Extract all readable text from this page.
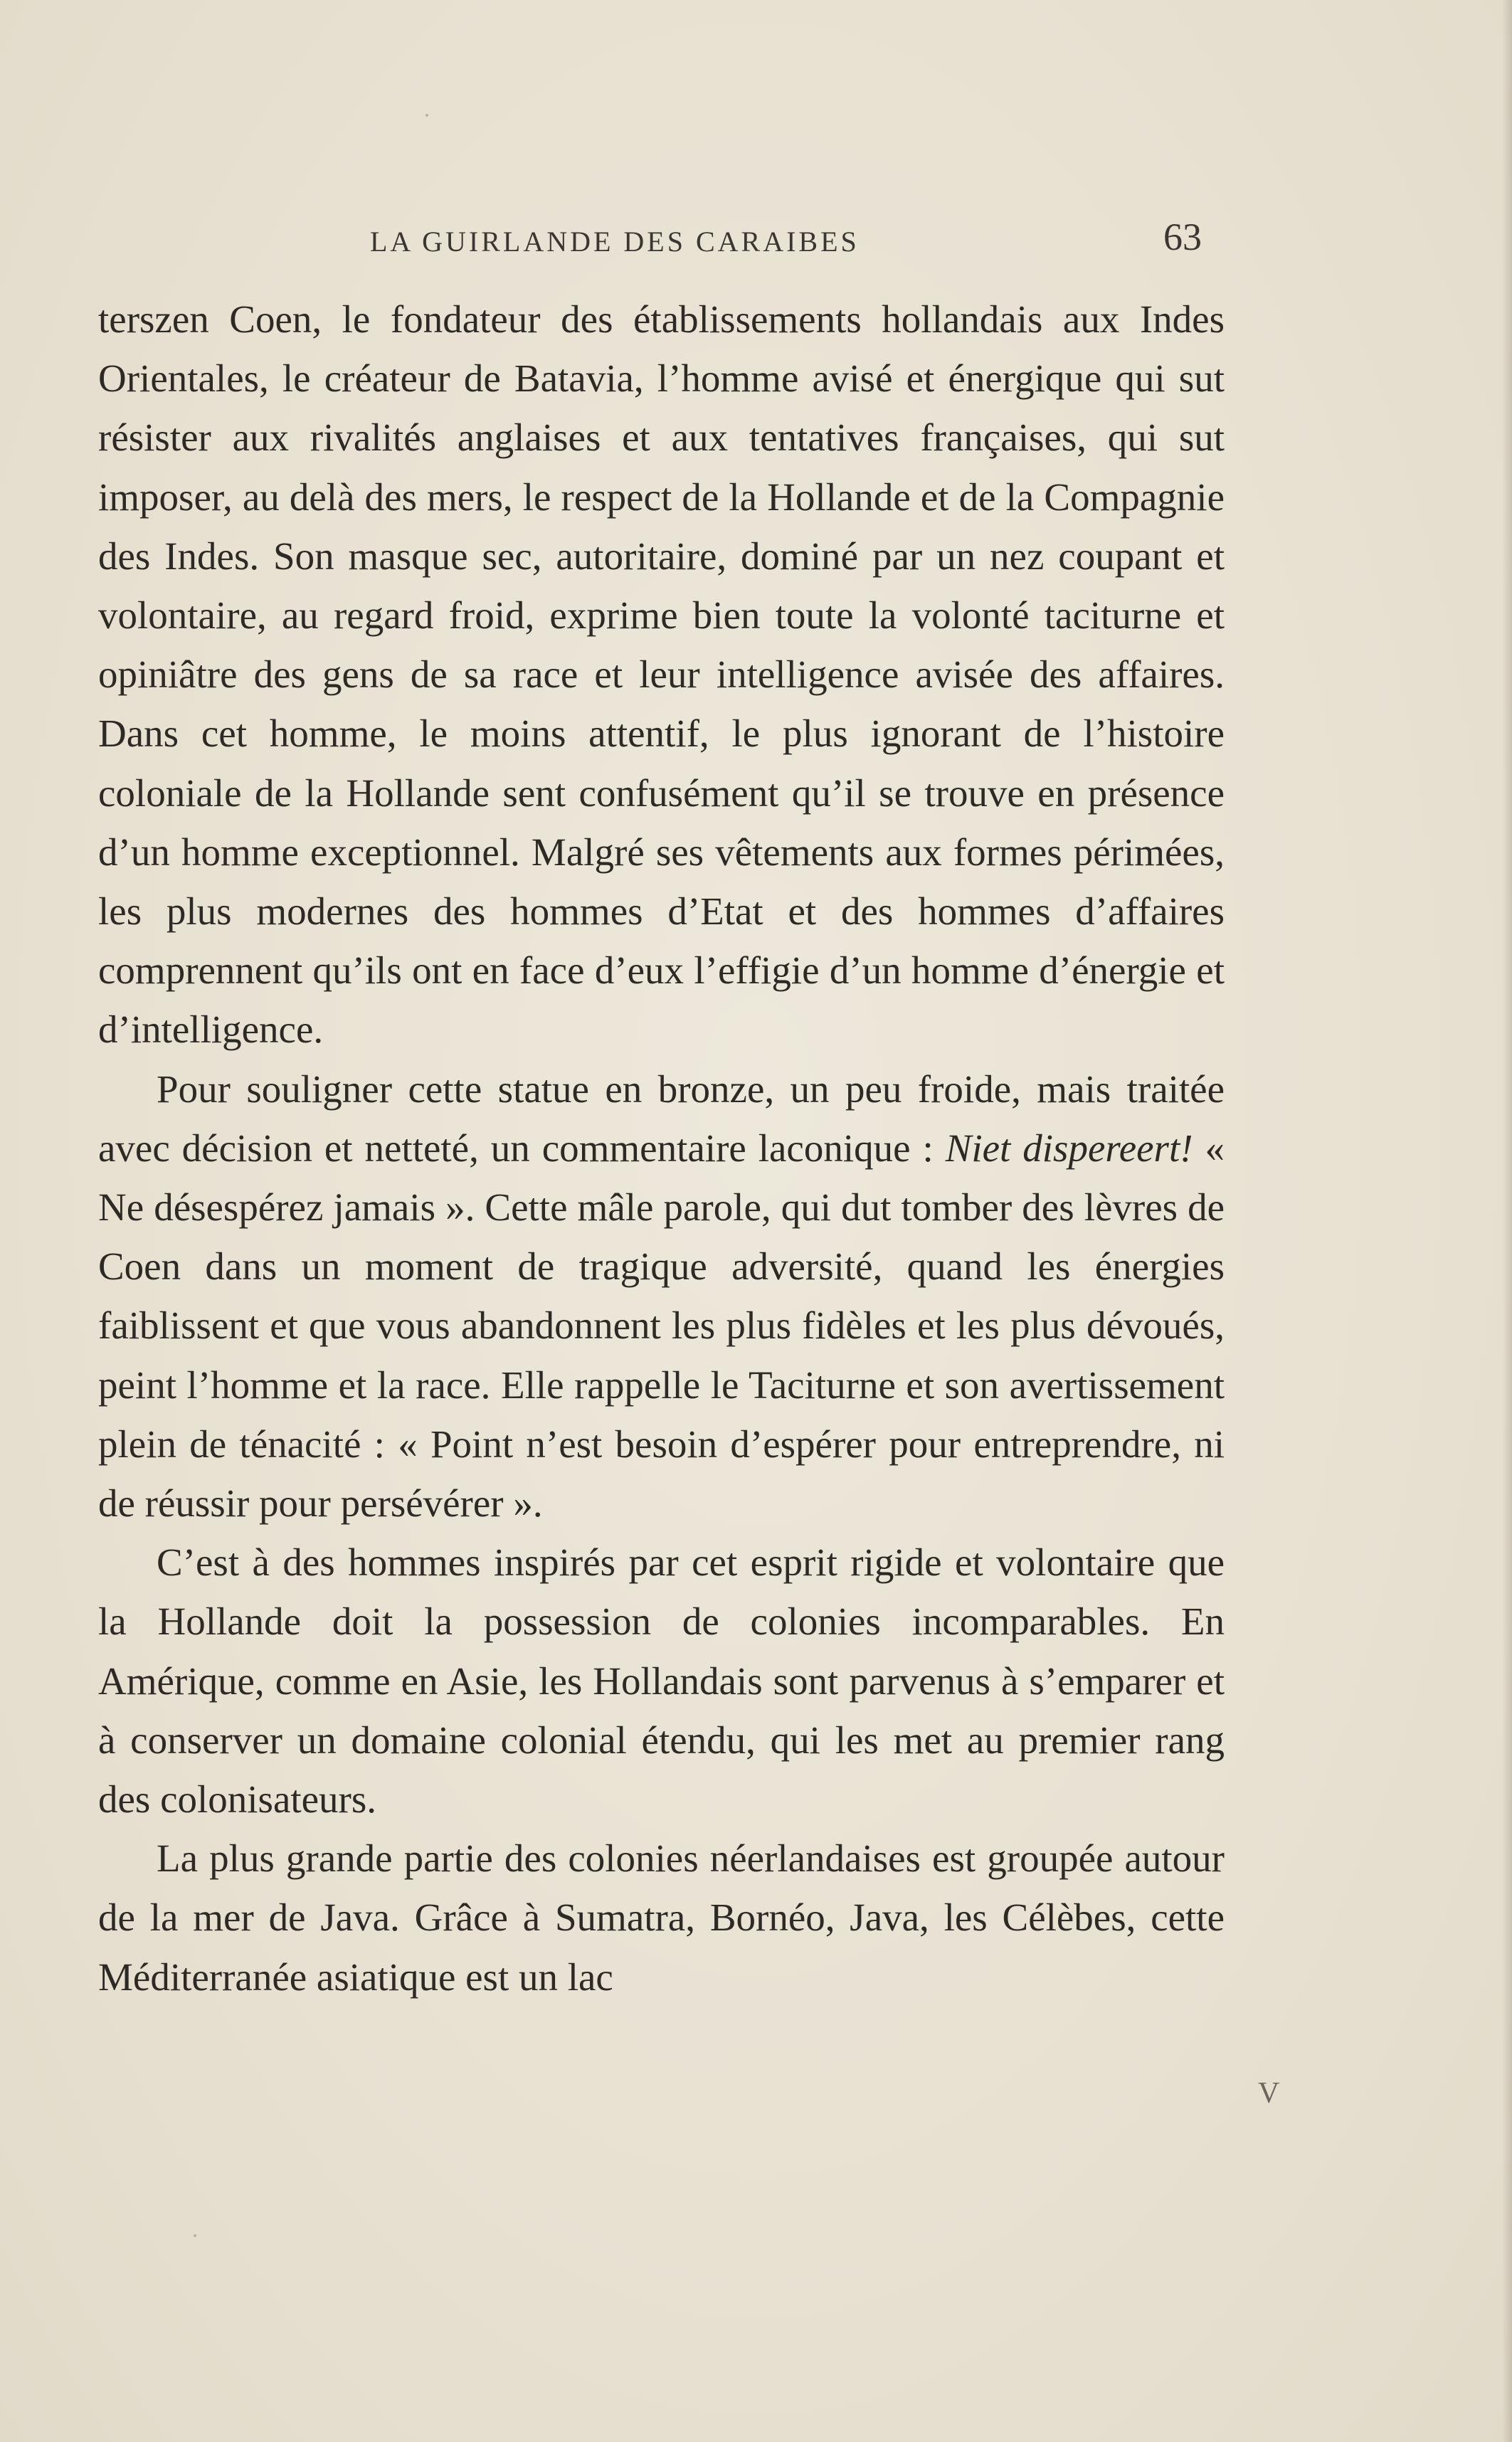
LA GUIRLANDE DES CARAIBES	63

terszen Coen, le fondateur des établissements hollandais aux Indes Orientales, le créateur de Batavia, l’homme avisé et énergique qui sut résister aux rivalités anglaises et aux tentatives françaises, qui sut imposer, au delà des mers, le respect de la Hollande et de la Compagnie des Indes. Son masque sec, autoritaire, dominé par un nez coupant et volontaire, au regard froid, exprime bien toute la volonté taciturne et opiniâtre des gens de sa race et leur intelligence avisée des affaires. Dans cet homme, le moins attentif, le plus ignorant de l’histoire coloniale de la Hollande sent confusément qu’il se trouve en présence d’un homme exceptionnel. Malgré ses vêtements aux formes périmées, les plus modernes des hommes d’Etat et des hommes d’affaires comprennent qu’ils ont en face d’eux l’effigie d’un homme d’énergie et d’intelligence.

Pour souligner cette statue en bronze, un peu froide, mais traitée avec décision et netteté, un commentaire laconique : Niet dispereert! « Ne désespérez jamais ». Cette mâle parole, qui dut tomber des lèvres de Coen dans un moment de tragique adversité, quand les énergies faiblissent et que vous abandonnent les plus fidèles et les plus dévoués, peint l’homme et la race. Elle rappelle le Taciturne et son avertissement plein de ténacité : « Point n’est besoin d’espérer pour entreprendre, ni de réussir pour persévérer ».

C’est à des hommes inspirés par cet esprit rigide et volontaire que la Hollande doit la possession de colonies incomparables. En Amérique, comme en Asie, les Hollandais sont parvenus à s’emparer et à conserver un domaine colonial étendu, qui les met au premier rang des colonisateurs.

La plus grande partie des colonies néerlandaises est groupée autour de la mer de Java. Grâce à Sumatra, Bornéo, Java, les Célèbes, cette Méditerranée asiatique est un lac

V
